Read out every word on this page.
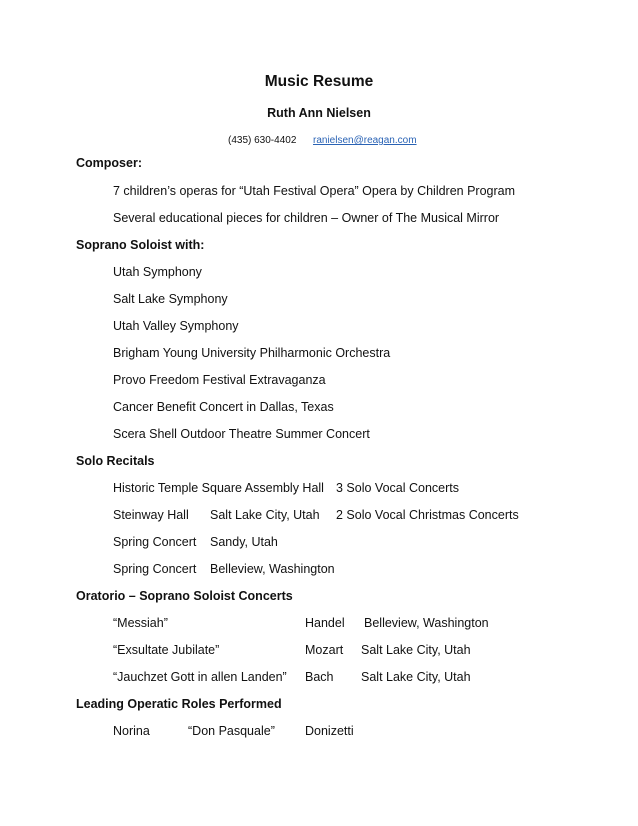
Music Resume
Ruth Ann Nielsen
(435) 630-4402 ranielsen@reagan.com
Composer:
7 children’s operas for “Utah Festival Opera” Opera by Children Program
Several educational pieces for children – Owner of The Musical Mirror
Soprano Soloist with:
Utah Symphony
Salt Lake Symphony
Utah Valley Symphony
Brigham Young University Philharmonic Orchestra
Provo Freedom Festival Extravaganza
Cancer Benefit Concert in Dallas, Texas
Scera Shell Outdoor Theatre Summer Concert
Solo Recitals
Historic Temple Square Assembly Hall 3 Solo Vocal Concerts
Steinway Hall Salt Lake City, Utah 2 Solo Vocal Christmas Concerts
Spring Concert Sandy, Utah
Spring Concert Belleview, Washington
Oratorio – Soprano Soloist Concerts
“Messiah”	Handel Belleview, Washington
“Exsultate Jubilate”	Mozart Salt Lake City, Utah
“Jauchzet Gott in allen Landen” Bach Salt Lake City, Utah
Leading Operatic Roles Performed
Norina	“Don Pasquale” Donizetti
